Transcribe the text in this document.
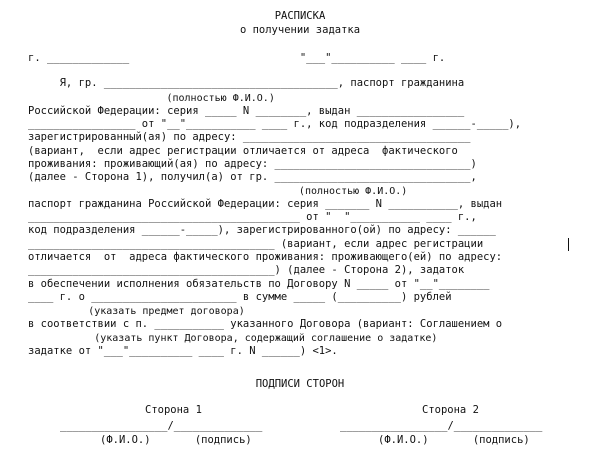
РАСПИСКА
о получении задатка
г. _____________                           "___"__________ ____ г.
Я, гр. _____________________________________, паспорт гражданина
(полностью Ф.И.О.)
Российской Федерации: серия _____ N ________, выдан _________________
_________________ от "__"___________ ____ г., код подразделения ______-_____),
зарегистрированный(ая) по адресу: ____________________________________
(вариант,  если адрес регистрации отличается от адреса  фактического
проживания: проживающий(ая) по адресу: _______________________________)
(далее - Сторона 1), получил(а) от гр. _______________________________,
(полностью Ф.И.О.)
паспорт гражданина Российской Федерации: серия _______ N ___________, выдан
___________________________________________ от "  "___________ ____ г.,
код подразделения ______-_____), зарегистрированного(ой) по адресу: ______
_______________________________________ (вариант, если адрес регистрации
отличается  от  адреса фактического проживания: проживающего(ей) по адресу:
_______________________________________) (далее - Сторона 2), задаток
в обеспечении исполнения обязательств по Договору N _____ от "__"________
____ г. о _______________________ в сумме _____ (__________) рублей
(указать предмет договора)
в соответствии с п. ___________ указанного Договора (вариант: Соглашением о
(указать пункт Договора, содержащий соглашение о задатке)
задатке от "___"__________ ____ г. N ______) <1>.
ПОДПИСИ СТОРОН
Сторона 1	Сторона 2
_________________/______________	_________________/______________
(Ф.И.О.)       (подпись)	(Ф.И.О.)       (подпись)
